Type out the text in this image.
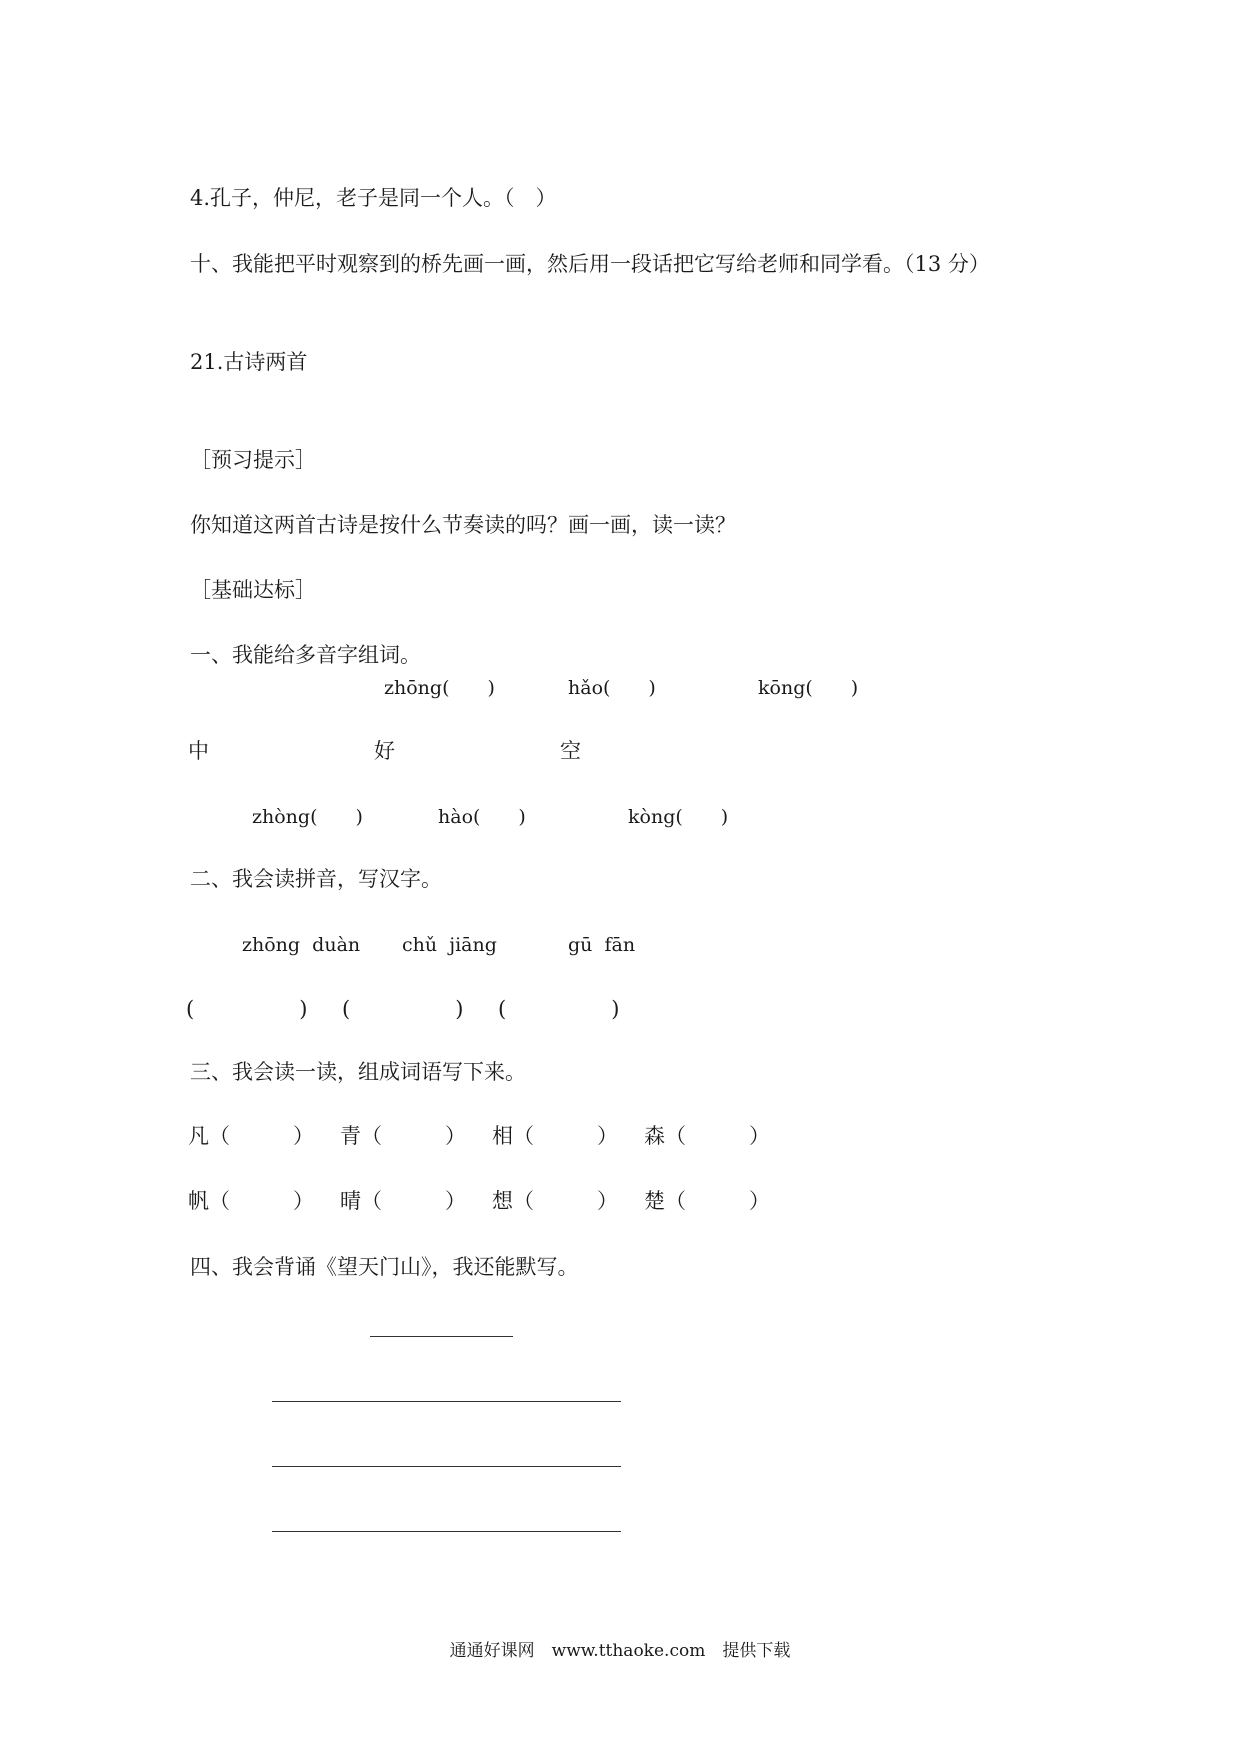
4.孔子，仲尼，老子是同一个人。（　）
十、我能把平时观察到的桥先画一画，然后用一段话把它写给老师和同学看。（13 分）
21.古诗两首
［预习提示］
你知道这两首古诗是按什么节奏读的吗？画一画，读一读？
［基础达标］
一、我能给多音字组词。
zhōng(　　)	hǎo(　　)	kōng(　　)
中	好	空
zhòng(　　)	hào(　　)	kòng(　　)
二、我会读拼音，写汉字。
zhōng  duàn chǔ  jiāng	gū  fān
(　　　　　) (　　　　　) (　　　　　)
三、我会读一读，组成词语写下来。
凡（　　　） 青（　　　） 相（　　　） 森（　　　）
帆（　　　） 晴（　　　） 想（　　　） 楚（　　　）
四、我会背诵《望天门山》，我还能默写。
通通好课网　www.tthaoke.com　提供下载
